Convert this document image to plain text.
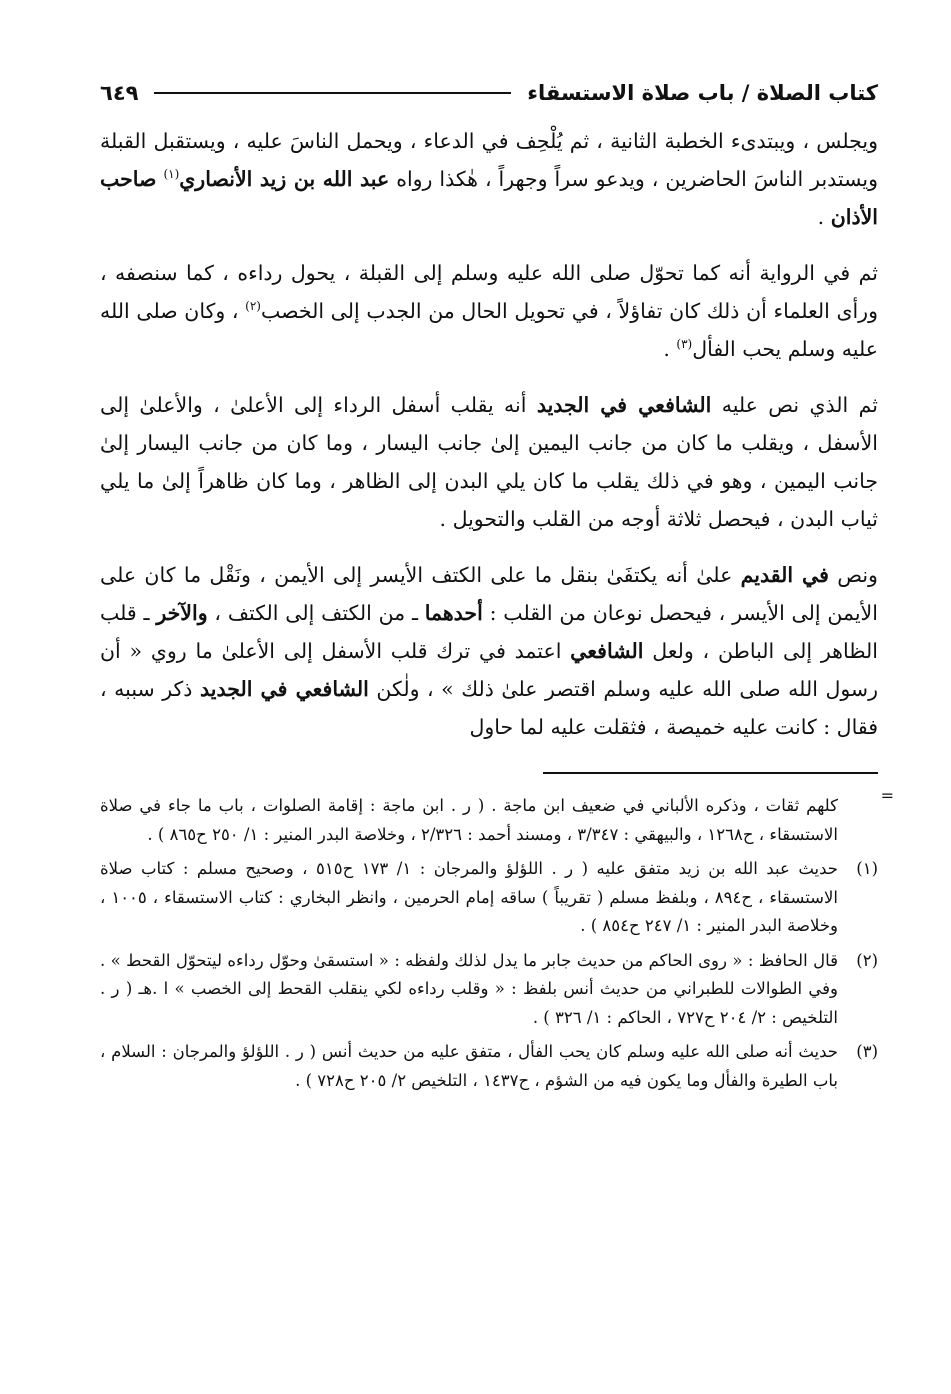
كتاب الصلاة / باب صلاة الاستسقاء
٦٤٩

ويجلس ، ويبتدىء الخطبة الثانية ، ثم يُلْحِف في الدعاء ، ويحمل الناسَ عليه ، ويستقبل القبلة ويستدبر الناسَ الحاضرين ، ويدعو سراً وجهراً ، هٰكذا رواه عبد الله بن زيد الأنصاري$^{(١)}$ صاحب الأذان .

ثم في الرواية أنه كما تحوّل صلى الله عليه وسلم إلى القبلة ، يحول رداءه ، كما سنصفه ، ورأى العلماء أن ذلك كان تفاؤلاً ، في تحويل الحال من الجدب إلى الخصب$^{(٢)}$ ، وكان صلى الله عليه وسلم يحب الفأل$^{(٣)}$ .

ثم الذي نص عليه الشافعي في الجديد أنه يقلب أسفل الرداء إلى الأعلىٰ ، والأعلىٰ إلى الأسفل ، ويقلب ما كان من جانب اليمين إلىٰ جانب اليسار ، وما كان من جانب اليسار إلىٰ جانب اليمين ، وهو في ذلك يقلب ما كان يلي البدن إلى الظاهر ، وما كان ظاهراً إلىٰ ما يلي ثياب البدن ، فيحصل ثلاثة أوجه من القلب والتحويل .

ونص في القديم علىٰ أنه يكتفَىٰ بنقل ما على الكتف الأيسر إلى الأيمن ، ونَقْل ما كان على الأيمن إلى الأيسر ، فيحصل نوعان من القلب : أحدهما ـ من الكتف إلى الكتف ، والآخر ـ قلب الظاهر إلى الباطن ، ولعل الشافعي اعتمد في ترك قلب الأسفل إلى الأعلىٰ ما روي « أن رسول الله صلى الله عليه وسلم اقتصر علىٰ ذلك » ، ولٰكن الشافعي في الجديد ذكر سببه ، فقال : كانت عليه خميصة ، فثقلت عليه لما حاول

=
كلهم ثقات ، وذكره الألباني في ضعيف ابن ماجة . ( ر . ابن ماجة : إقامة الصلوات ، باب ما جاء في صلاة الاستسقاء ، ح١٢٦٨ ، والبيهقي : ٣/٣٤٧ ، ومسند أحمد : ٢/٣٢٦ ، وخلاصة البدر المنير : ١/ ٢٥٠ ح٨٦٥ ) .
(١)
حديث عبد الله بن زيد متفق عليه ( ر . اللؤلؤ والمرجان : ١/ ١٧٣ ح٥١٥ ، وصحيح مسلم : كتاب صلاة الاستسقاء ، ح٨٩٤ ، وبلفظ مسلم ( تقريباً ) ساقه إمام الحرمين ، وانظر البخاري : كتاب الاستسقاء ، ١٠٠٥ ، وخلاصة البدر المنير : ١/ ٢٤٧ ح٨٥٤ ) .
(٢)
قال الحافظ : « روى الحاكم من حديث جابر ما يدل لذلك ولفظه : « استسقىٰ وحوّل رداءه ليتحوّل القحط » . وفي الطوالات للطبراني من حديث أنس بلفظ : « وقلب رداءه لكي ينقلب القحط إلى الخصب » ا .هـ ( ر . التلخيص : ٢/ ٢٠٤ ح٧٢٧ ، الحاكم : ١/ ٣٢٦ ) .
(٣)
حديث أنه صلى الله عليه وسلم كان يحب الفأل ، متفق عليه من حديث أنس ( ر . اللؤلؤ والمرجان : السلام ، باب الطيرة والفأل وما يكون فيه من الشؤم ، ح١٤٣٧ ، التلخيص ٢/ ٢٠٥ ح٧٢٨ ) .
